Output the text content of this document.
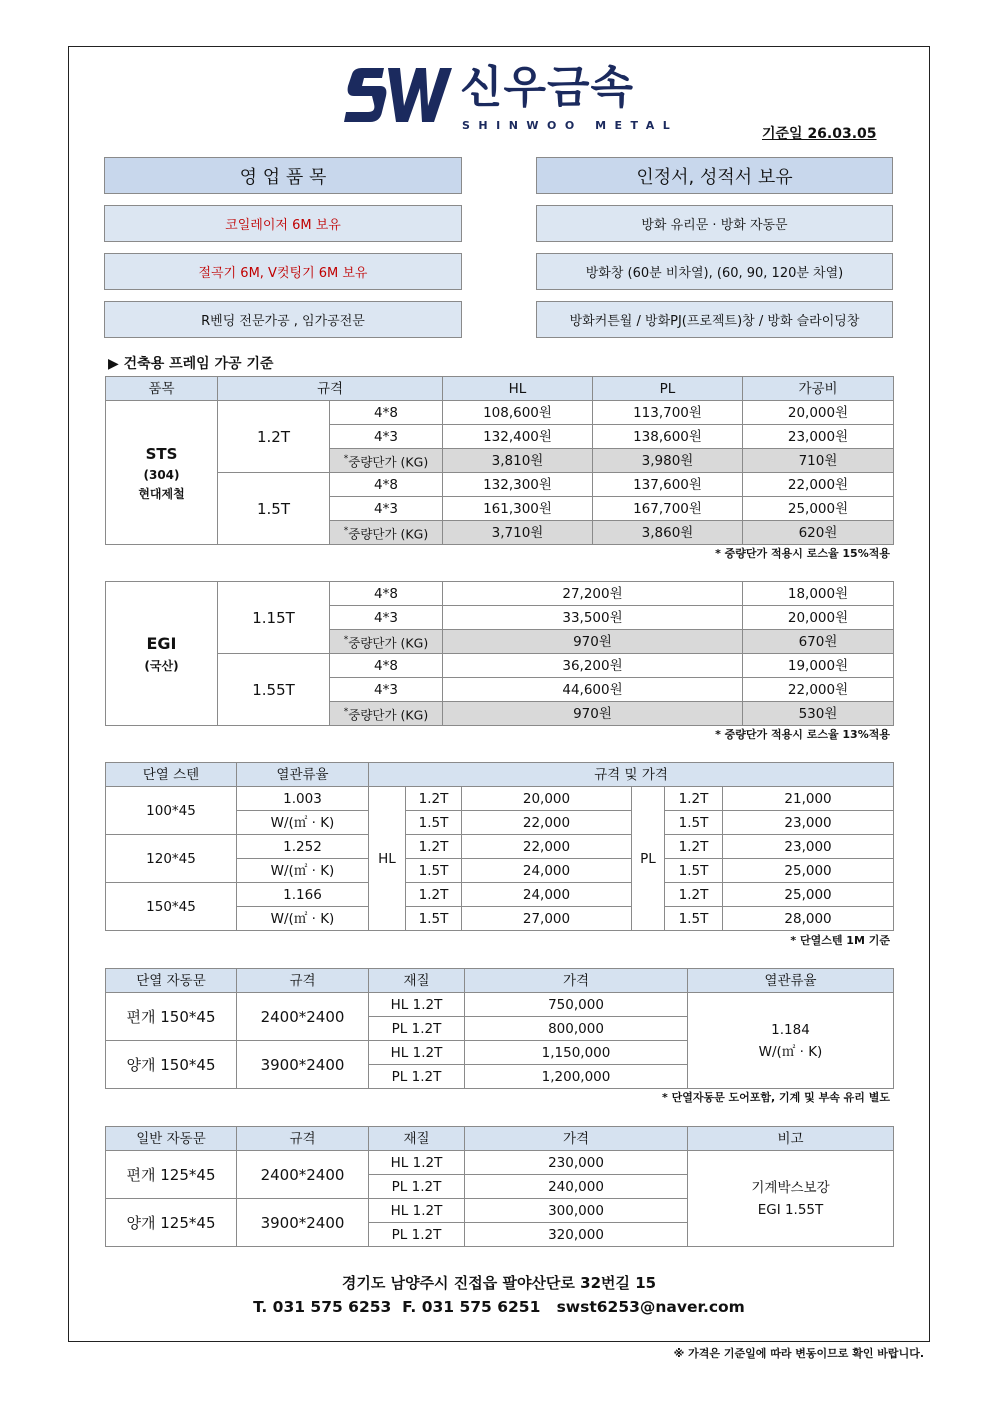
신우금속
SHINWOO METAL
기준일 26.03.05
영 업 품 목	인정서, 성적서 보유
코일레이저 6M 보유
절곡기 6M, V컷팅기 6M 보유
R벤딩 전문가공 , 임가공전문
방화 유리문 · 방화 자동문
방화창 (60분 비차열), (60, 90, 120분 차열)
방화커튼월 / 방화PJ(프로젝트)창 / 방화 슬라이딩창
▶ 건축용 프레임 가공 기준
품목	규격		HL	PL	가공비

STS
(304)
현대제철	1.2T	4*8	108,600원	113,700원	20,000원
		4*3	132,400원	138,600원	23,000원
		*중량단가 (KG)	3,810원	3,980원	710원
	1.5T	4*8	132,300원	137,600원	22,000원
		4*3	161,300원	167,700원	25,000원
		*중량단가 (KG)	3,710원	3,860원	620원
* 중량단가 적용시 로스율 15%적용
EGI
(국산)	1.15T	4*8	27,200원	18,000원
		4*3	33,500원	20,000원
		*중량단가 (KG)	970원	670원
	1.55T	4*8	36,200원	19,000원
		4*3	44,600원	22,000원
		*중량단가 (KG)	970원	530원
* 중량단가 적용시 로스율 13%적용
단열 스텐	열관류율	규격 및 가격					
100*45	1.003	HL	1.2T	20,000	PL	1.2T	21,000
	W/(㎡ · K)		1.5T	22,000		1.5T	23,000
120*45	1.252		1.2T	22,000		1.2T	23,000
	W/(㎡ · K)		1.5T	24,000		1.5T	25,000
150*45	1.166		1.2T	24,000		1.2T	25,000
	W/(㎡ · K)		1.5T	27,000		1.5T	28,000
* 단열스텐 1M 기준
단열 자동문	규격	재질	가격	열관류율
편개 150*45	2400*2400	HL 1.2T	750,000	1.184
W/(㎡ · K)

		PL 1.2T	800,000	
양개 150*45	3900*2400	HL 1.2T	1,150,000	
		PL 1.2T	1,200,000	
* 단열자동문 도어포함, 기계 및 부속 유리 별도
일반 자동문	규격	재질	가격	비고
편개 125*45	2400*2400	HL 1.2T	230,000	기계박스보강
EGI 1.55T

		PL 1.2T	240,000	
양개 125*45	3900*2400	HL 1.2T	300,000	
		PL 1.2T	320,000	
경기도 남양주시 진접읍 팔야산단로 32번길 15
T. 031 575 6253 F. 031 575 6251 swst6253@naver.com
※ 가격은 기준일에 따라 변동이므로 확인 바랍니다.
